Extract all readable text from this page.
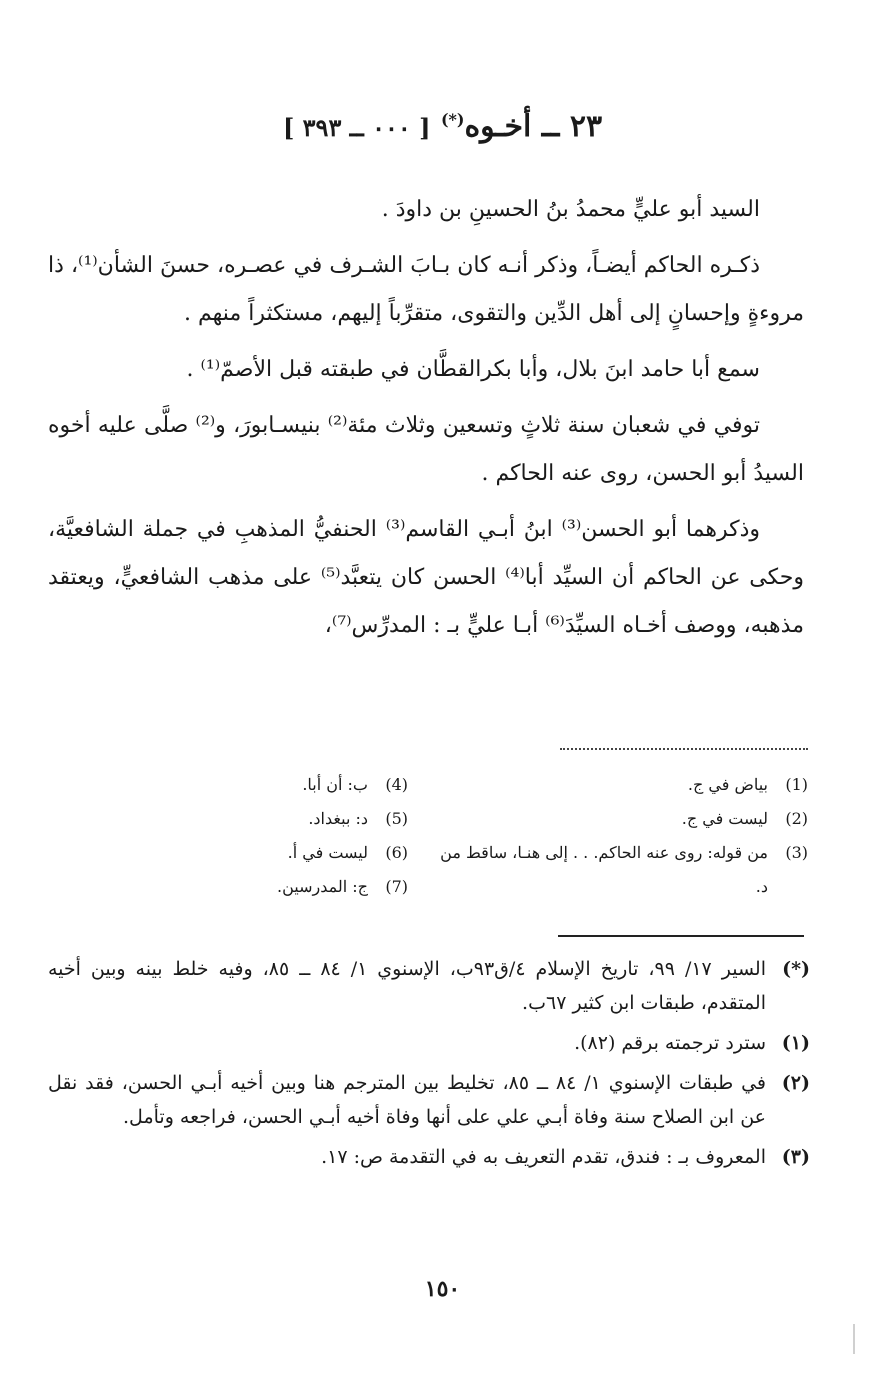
٢٣ ــ أخـوه(*) [ ٠٠٠ ــ ٣٩٣ ]

السيد أبو عليٍّ محمدُ بنُ الحسينِ بن داودَ .

ذكـره الحاكم أيضـاً، وذكر أنـه كان بـابَ الشـرف في عصـره، حسنَ الشأن⁽¹⁾، ذا مروءةٍ وإحسانٍ إلى أهل الدِّين والتقوى، متقرِّباً إليهم، مستكثراً منهم .

سمع أبا حامد ابنَ بلال، وأبا بكرالقطَّان في طبقته قبل الأصمّ⁽¹⁾ .

توفي في شعبان سنة ثلاثٍ وتسعين وثلاث مئة⁽²⁾ بنيسـابورَ، و⁽²⁾ صلَّى عليه أخوه السيدُ أبو الحسن، روى عنه الحاكم .

وذكرهما أبو الحسن⁽³⁾ ابنُ أبـي القاسم⁽³⁾ الحنفيُّ المذهبِ في جملة الشافعيَّة، وحكى عن الحاكم أن السيِّد أبا⁽⁴⁾ الحسن كان يتعبَّد⁽⁵⁾ على مذهب الشافعيٍّ، ويعتقد مذهبه، ووصف أخـاه السيِّدَ⁽⁶⁾ أبـا عليٍّ بـ : المدرِّس⁽⁷⁾،

(1)
بياض في ج.
(2)
ليست في ج.
(3)
من قوله: روى عنه الحاكم. . . إلى هنـا، ساقط من د.
(4)
ب: أن أبا.
(5)
د: ببغداد.
(6)
ليست في أ.
(7)
ج: المدرسين.
(*)
السير ١٧/ ٩٩، تاريخ الإسلام ٤/ق٩٣ب، الإسنوي ١/ ٨٤ ــ ٨٥، وفيه خلط بينه وبين أخيه المتقدم، طبقات ابن كثير ٦٧ب.
(١)
سترد ترجمته برقم (٨٢).
(٢)
في طبقات الإسنوي ١/ ٨٤ ــ ٨٥، تخليط بين المترجم هنا وبين أخيه أبـي الحسن، فقد نقل عن ابن الصلاح سنة وفاة أبـي علي على أنها وفاة أخيه أبـي الحسن، فراجعه وتأمل.
(٣)
المعروف بـ : فندق، تقدم التعريف به في التقدمة ص: ١٧.
١٥٠
